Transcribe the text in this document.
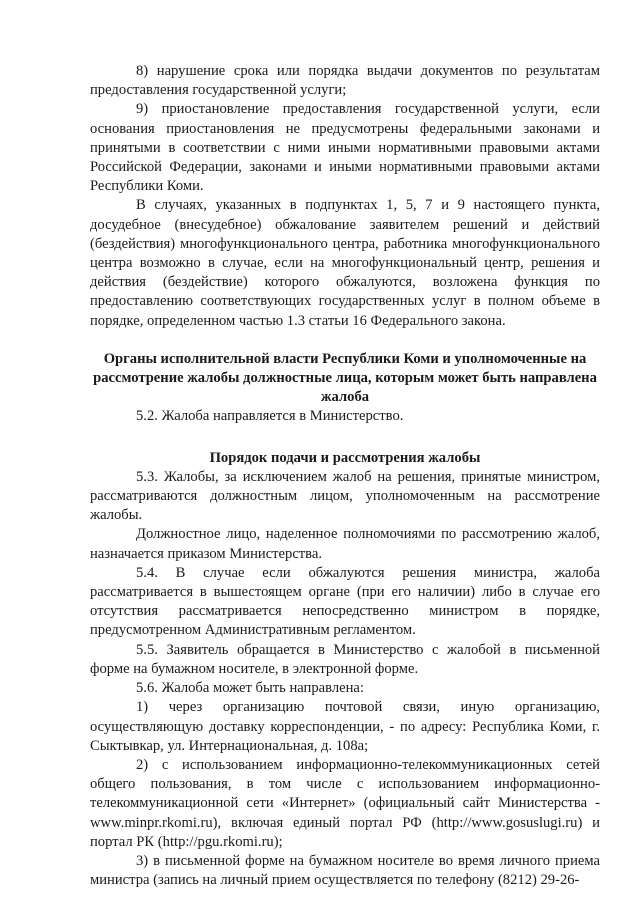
8) нарушение срока или порядка выдачи документов по результатам предоставления государственной услуги;

9) приостановление предоставления государственной услуги, если основания приостановления не предусмотрены федеральными законами и принятыми в соответствии с ними иными нормативными правовыми актами Российской Федерации, законами и иными нормативными правовыми актами Республики Коми.

В случаях, указанных в подпунктах 1, 5, 7 и 9 настоящего пункта, досудебное (внесудебное) обжалование заявителем решений и действий (бездействия) многофункционального центра, работника многофункционального центра возможно в случае, если на многофункциональный центр, решения и действия (бездействие) которого обжалуются, возложена функция по предоставлению соответствующих государственных услуг в полном объеме в порядке, определенном частью 1.3 статьи 16 Федерального закона.

Органы исполнительной власти Республики Коми и уполномоченные на рассмотрение жалобы должностные лица, которым может быть направлена жалоба

5.2. Жалоба направляется в Министерство.

Порядок подачи и рассмотрения жалобы

5.3. Жалобы, за исключением жалоб на решения, принятые министром, рассматриваются должностным лицом, уполномоченным на рассмотрение жалобы.

Должностное лицо, наделенное полномочиями по рассмотрению жалоб, назначается приказом Министерства.

5.4. В случае если обжалуются решения министра, жалоба рассматривается в вышестоящем органе (при его наличии) либо в случае его отсутствия рассматривается непосредственно министром в порядке, предусмотренном Административным регламентом.

5.5. Заявитель обращается в Министерство с жалобой в письменной форме на бумажном носителе, в электронной форме.

5.6. Жалоба может быть направлена:

1) через организацию почтовой связи, иную организацию, осуществляющую доставку корреспонденции, - по адресу: Республика Коми, г. Сыктывкар, ул. Интернациональная, д. 108а;

2) с использованием информационно-телекоммуникационных сетей общего пользования, в том числе с использованием информационно-телекоммуникационной сети «Интернет» (официальный сайт Министерства - www.minpr.rkomi.ru), включая единый портал РФ (http://www.gosuslugi.ru) и портал РК (http://pgu.rkomi.ru);

3) в письменной форме на бумажном носителе во время личного приема министра (запись на личный прием осуществляется по телефону (8212) 29-26-
